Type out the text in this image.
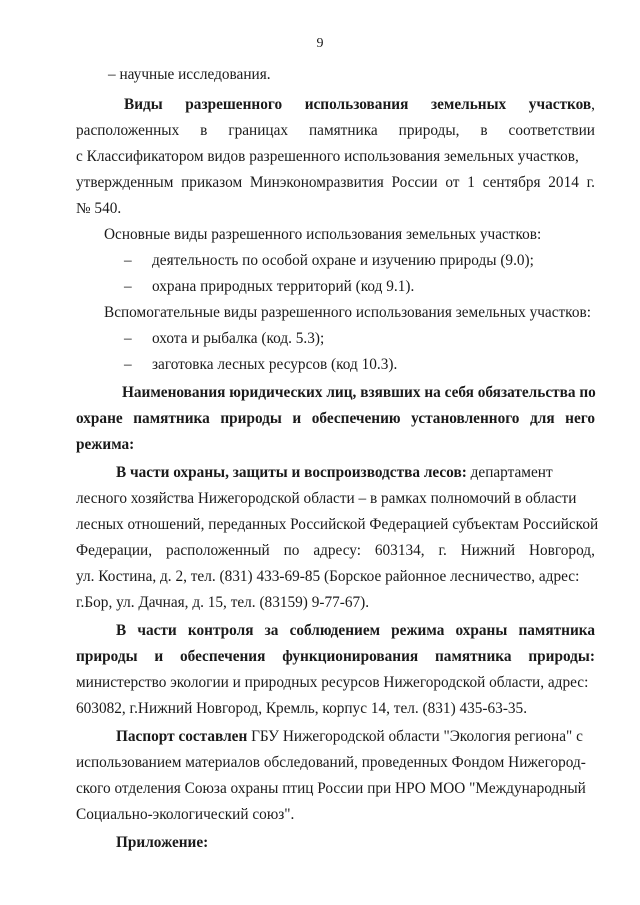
9
– научные исследования.
Виды разрешенного использования земельных участков,
расположенных в границах памятника природы, в соответствии
с Классификатором видов разрешенного использования земельных участков,
утвержденным приказом Минэкономразвития России от 1 сентября 2014 г.
№ 540.
Основные виды разрешенного использования земельных участков:
– деятельность по особой охране и изучению природы (9.0);
– охрана природных территорий (код 9.1).
Вспомогательные виды разрешенного использования земельных участков:
– охота и рыбалка (код. 5.3);
– заготовка лесных ресурсов (код 10.3).
Наименования юридических лиц, взявших на себя обязательства по
охране памятника природы и обеспечению установленного для него
режима:
В части охраны, защиты и воспроизводства лесов: департамент
лесного хозяйства Нижегородской области – в рамках полномочий в области
лесных отношений, переданных Российской Федерацией субъектам Российской
Федерации, расположенный по адресу: 603134, г. Нижний Новгород,
ул. Костина, д. 2, тел. (831) 433-69-85 (Борское районное лесничество, адрес:
г.Бор, ул. Дачная, д. 15, тел. (83159) 9-77-67).
В части контроля за соблюдением режима охраны памятника
природы и обеспечения функционирования памятника природы:
министерство экологии и природных ресурсов Нижегородской области, адрес:
603082, г.Нижний Новгород, Кремль, корпус 14, тел. (831) 435-63-35.
Паспорт составлен ГБУ Нижегородской области "Экология региона" с
использованием материалов обследований, проведенных Фондом Нижегород-
ского отделения Союза охраны птиц России при НРО МОО "Международный
Социально-экологический союз".
Приложение:
